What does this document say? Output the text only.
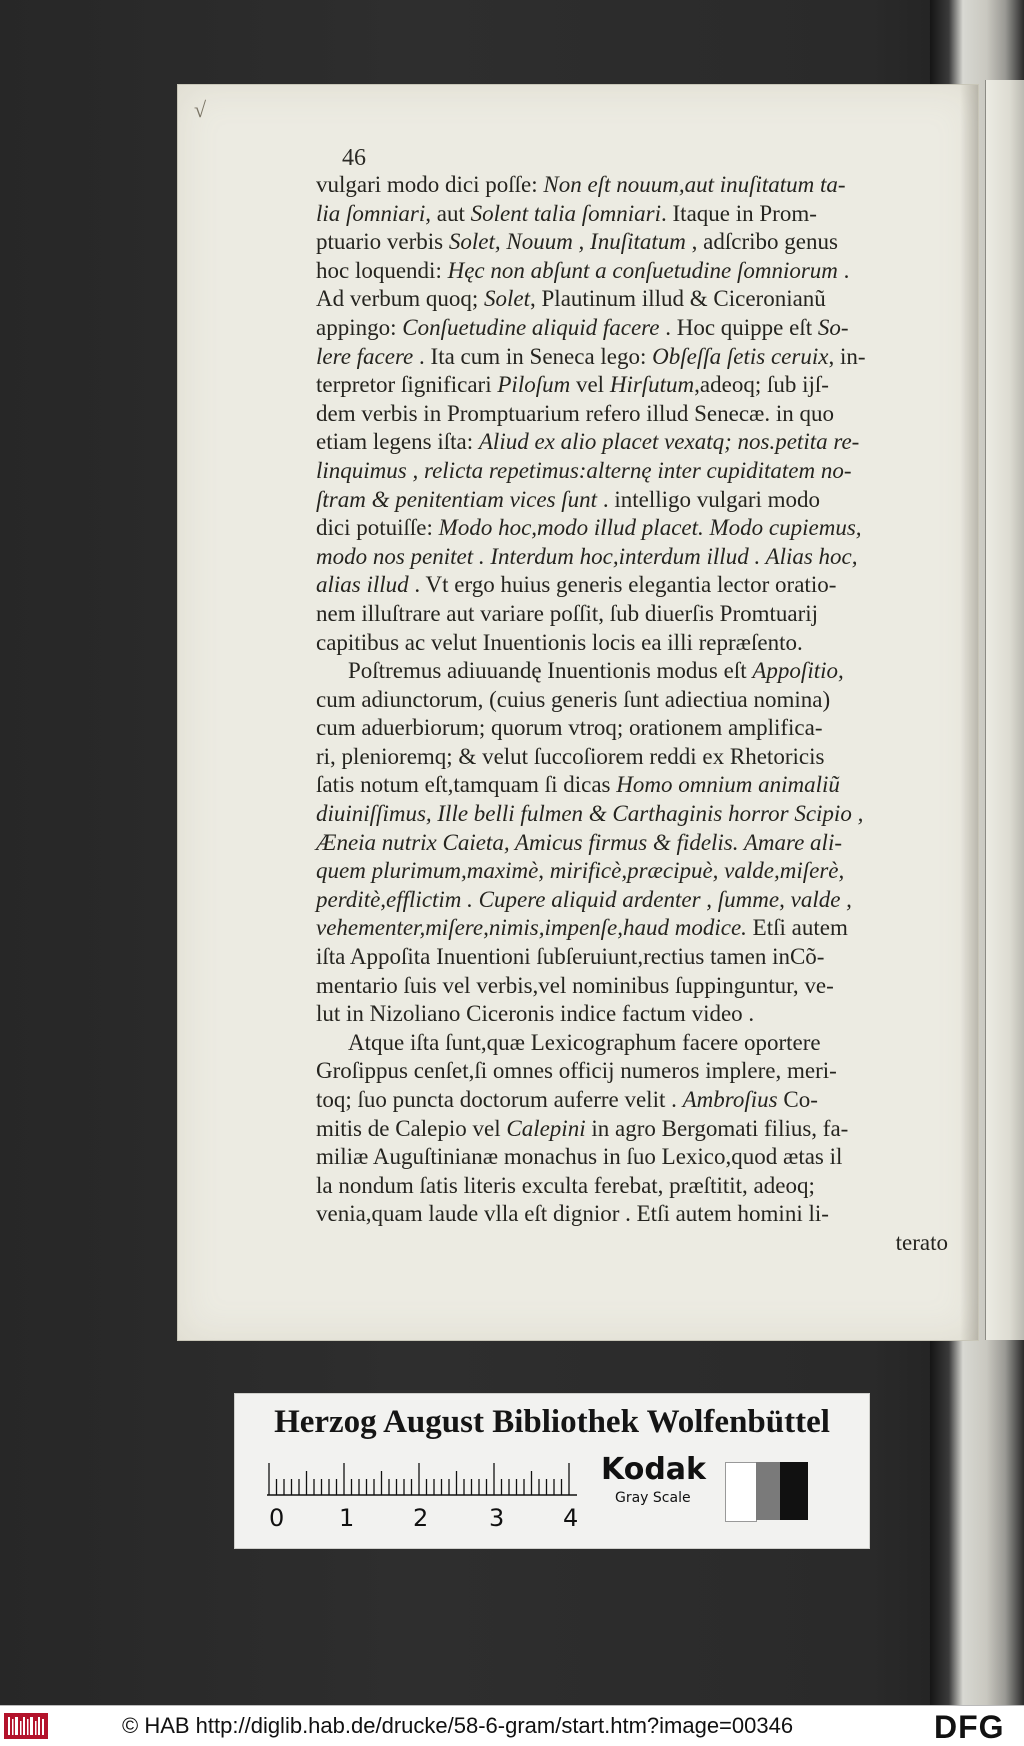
√
46
vulgari modo dici poſſe: Non eſt nouum,aut inuſitatum ta-
lia ſomniari, aut Solent talia ſomniari. Itaque in Prom-
ptuario verbis Solet, Nouum , Inuſitatum , adſcribo genus
hoc loquendi: Hęc non abſunt a conſuetudine ſomniorum .
Ad verbum quoq; Solet, Plautinum illud & Ciceronianũ
appingo: Conſuetudine aliquid facere . Hoc quippe eſt So-
lere facere . Ita cum in Seneca lego: Obſeſſa ſetis ceruix, in-
terpretor ſignificari Piloſum vel Hirſutum,adeoq; ſub ijſ-
dem verbis in Promptuarium refero illud Senecæ. in quo
etiam legens iſta: Aliud ex alio placet vexatq; nos.petita re-
linquimus , relicta repetimus:alternę inter cupiditatem no-
ſtram & penitentiam vices ſunt . intelligo vulgari modo
dici potuiſſe: Modo hoc,modo illud placet. Modo cupiemus,
modo nos penitet . Interdum hoc,interdum illud . Alias hoc,
alias illud . Vt ergo huius generis elegantia lector oratio-
nem illuſtrare aut variare poſſit, ſub diuerſis Promtuarij
capitibus ac velut Inuentionis locis ea illi repræſento.
Poſtremus adiuuandę Inuentionis modus eſt Appoſitio,
cum adiunctorum, (cuius generis ſunt adiectiua nomina)
cum aduerbiorum; quorum vtroq; orationem amplifica-
ri, plenioremq; & velut ſuccoſiorem reddi ex Rhetoricis
ſatis notum eſt,tamquam ſi dicas Homo omnium animaliũ
diuiniſſimus, Ille belli fulmen & Carthaginis horror Scipio ,
Æneia nutrix Caieta, Amicus firmus & fidelis. Amare ali-
quem plurimum,maximè, mirificè,præcipuè, valde,miſerè,
perditè,efflictim . Cupere aliquid ardenter , ſumme, valde ,
vehementer,miſere,nimis,impenſe,haud modice. Etſi autem
iſta Appoſita Inuentioni ſubſeruiunt,rectius tamen inCõ-
mentario ſuis vel verbis,vel nominibus ſuppinguntur, ve-
lut in Nizoliano Ciceronis indice factum video .
Atque iſta ſunt,quæ Lexicographum facere oportere
Groſippus cenſet,ſi omnes officij numeros implere, meri-
toq; ſuo puncta doctorum auferre velit . Ambroſius Co-
mitis de Calepio vel Calepini in agro Bergomati filius, fa-
miliæ Auguſtinianæ monachus in ſuo Lexico,quod ætas il
la nondum ſatis literis exculta ferebat, præſtitit, adeoq;
venia,quam laude vlla eſt dignior . Etſi autem homini li-
terato
Herzog August Bibliothek Wolfenbüttel
0 1 2	3 4
Kodak
Gray Scale
© HAB http://diglib.hab.de/drucke/58-6-gram/start.htm?image=00346	DFG
